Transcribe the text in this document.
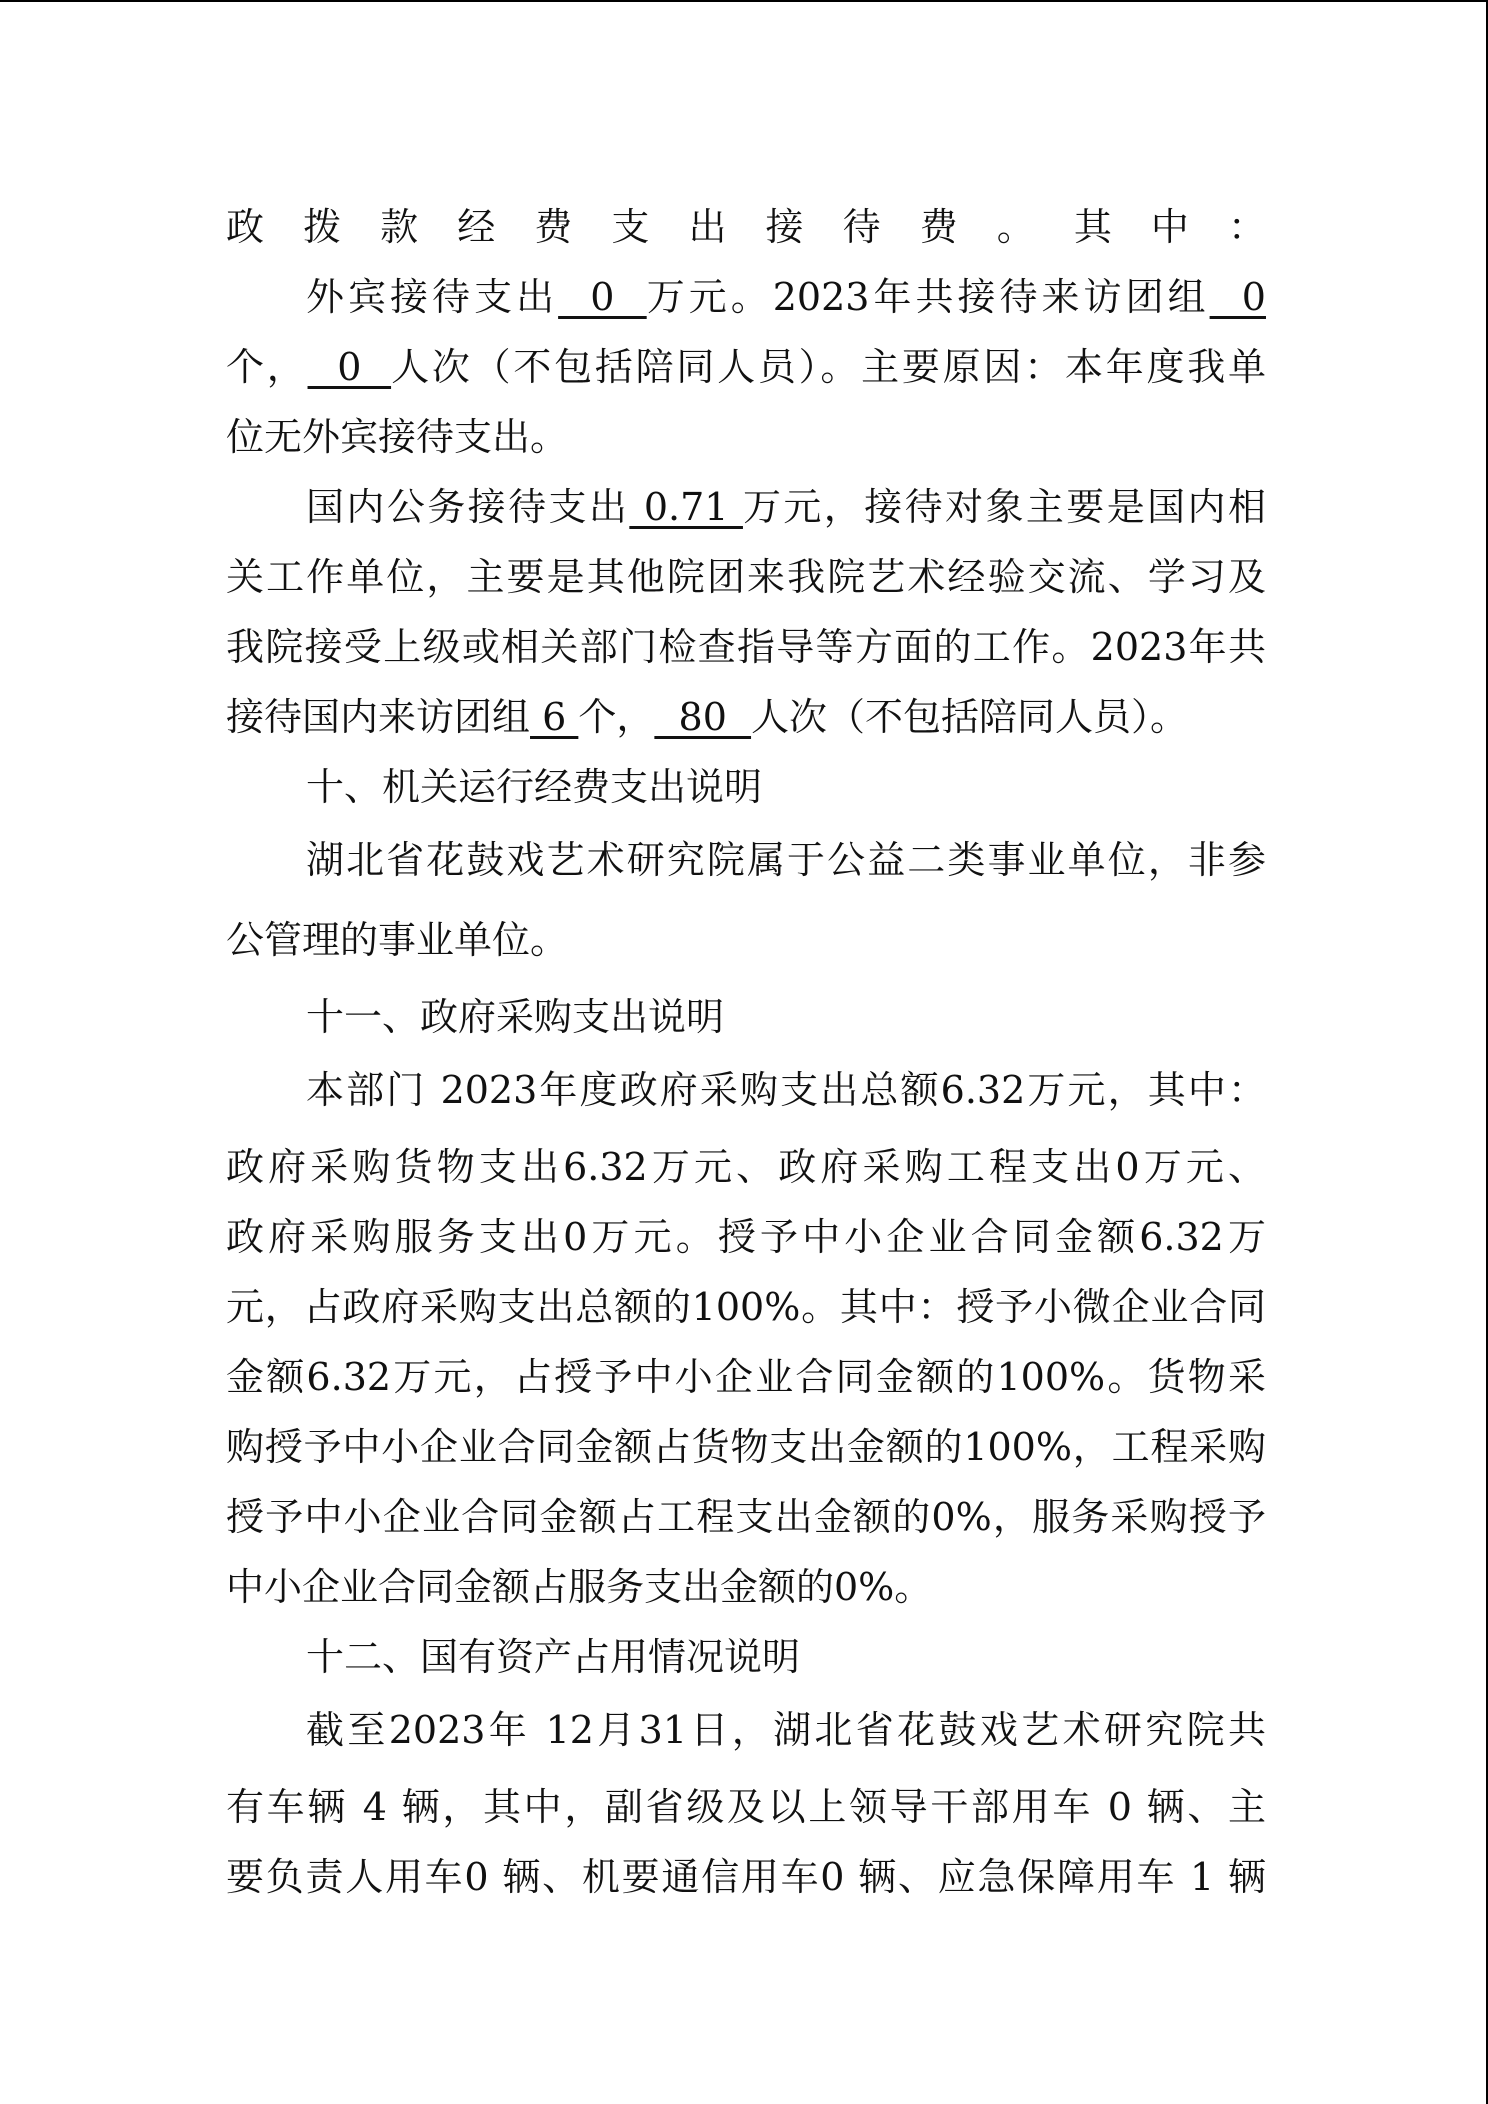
政拨款经费支出接待费。其中：
外宾接待支出  0  万元。2023年共接待来访团组  0
个，  0  人次（不包括陪同人员）。主要原因：本年度我单
位无外宾接待支出。
国内公务接待支出 0.71 万元，接待对象主要是国内相
关工作单位，主要是其他院团来我院艺术经验交流、学习及
我院接受上级或相关部门检查指导等方面的工作。2023年共
接待国内来访团组 6 个，  80  人次（不包括陪同人员）。
十、机关运行经费支出说明
湖北省花鼓戏艺术研究院属于公益二类事业单位，非参
公管理的事业单位。
十一、政府采购支出说明
本部门 2023年度政府采购支出总额6.32万元，其中：
政府采购货物支出6.32万元、政府采购工程支出0万元、
政府采购服务支出0万元。授予中小企业合同金额6.32万
元，占政府采购支出总额的100%。其中：授予小微企业合同
金额6.32万元，占授予中小企业合同金额的100%。货物采
购授予中小企业合同金额占货物支出金额的100%，工程采购
授予中小企业合同金额占工程支出金额的0%，服务采购授予
中小企业合同金额占服务支出金额的0%。
十二、国有资产占用情况说明
截至2023年 12月31日，湖北省花鼓戏艺术研究院共
有车辆 4 辆，其中，副省级及以上领导干部用车 0 辆、主
要负责人用车0 辆、机要通信用车0 辆、应急保障用车 1 辆
